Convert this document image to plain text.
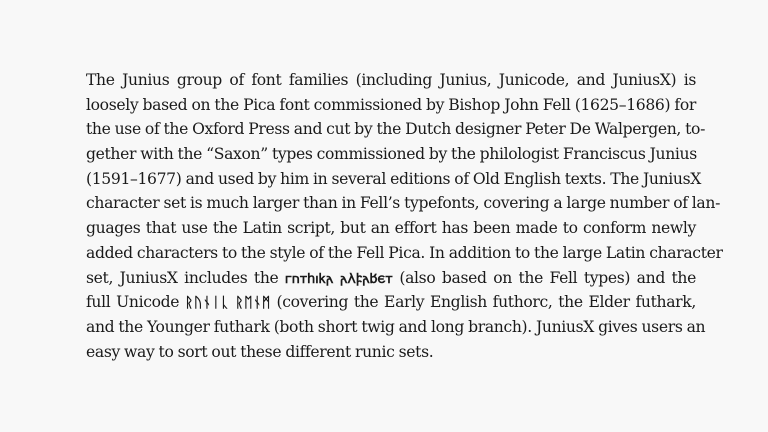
The Junius group of font families (including Junius, Junicode, and JuniusX) is
loosely based on the Pica font commissioned by Bishop John Fell (1625–1686) for
the use of the Oxford Press and cut by the Dutch designer Peter De Walpergen, to-
gether with the “Saxon” types commissioned by the philologist Franciscus Junius
(1591–1677) and used by him in several editions of Old English texts. The JuniusX
character set is much larger than in Fell’s typefonts, covering a large number of lan-
guages that use the Latin script, but an effort has been made to conform newly
added characters to the style of the Fell Pica. In addition to the large Latin character
set, JuniusX includes the 𐌲𐌿𐍄𐌷𐌹𐌺𐌰 𐌰𐌻𐍆𐌰𐌱𐌴𐍄 (also based on the Fell types) and the
full Unicode ᚱᚢᚾᛁᚳ ᚱᛖᚾᛗ (covering the Early English futhorc, the Elder futhark,
and the Younger futhark (both short twig and long branch). JuniusX gives users an
easy way to sort out these different runic sets.
